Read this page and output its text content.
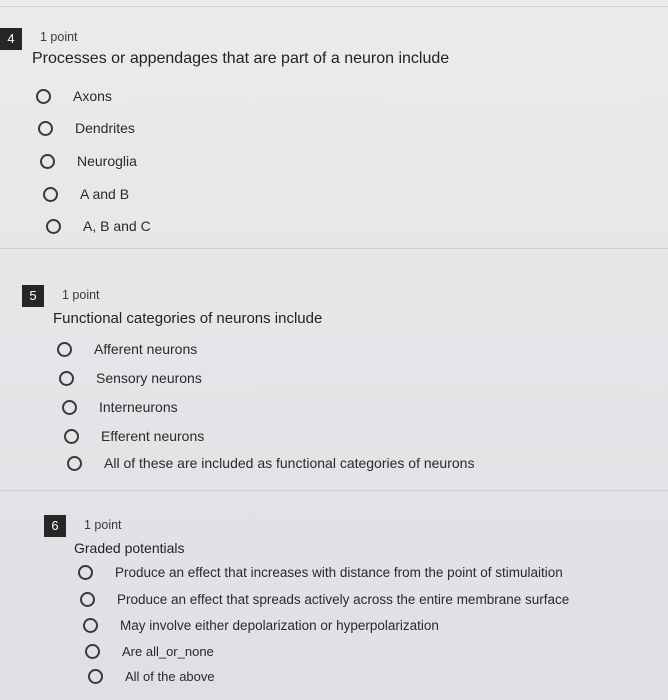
4	1 point
Processes or appendages that are part of a neuron include
Axons
Dendrites
Neuroglia
A and B
A, B and C
5	1 point
Functional categories of neurons include
Afferent neurons
Sensory neurons
Interneurons
Efferent neurons
All of these are included as functional categories of neurons
6	1 point
Graded potentials
Produce an effect that increases with distance from the point of stimulaition
Produce an effect that spreads actively across the entire membrane surface
May involve either depolarization or hyperpolarization
Are all_or_none
All of the above
